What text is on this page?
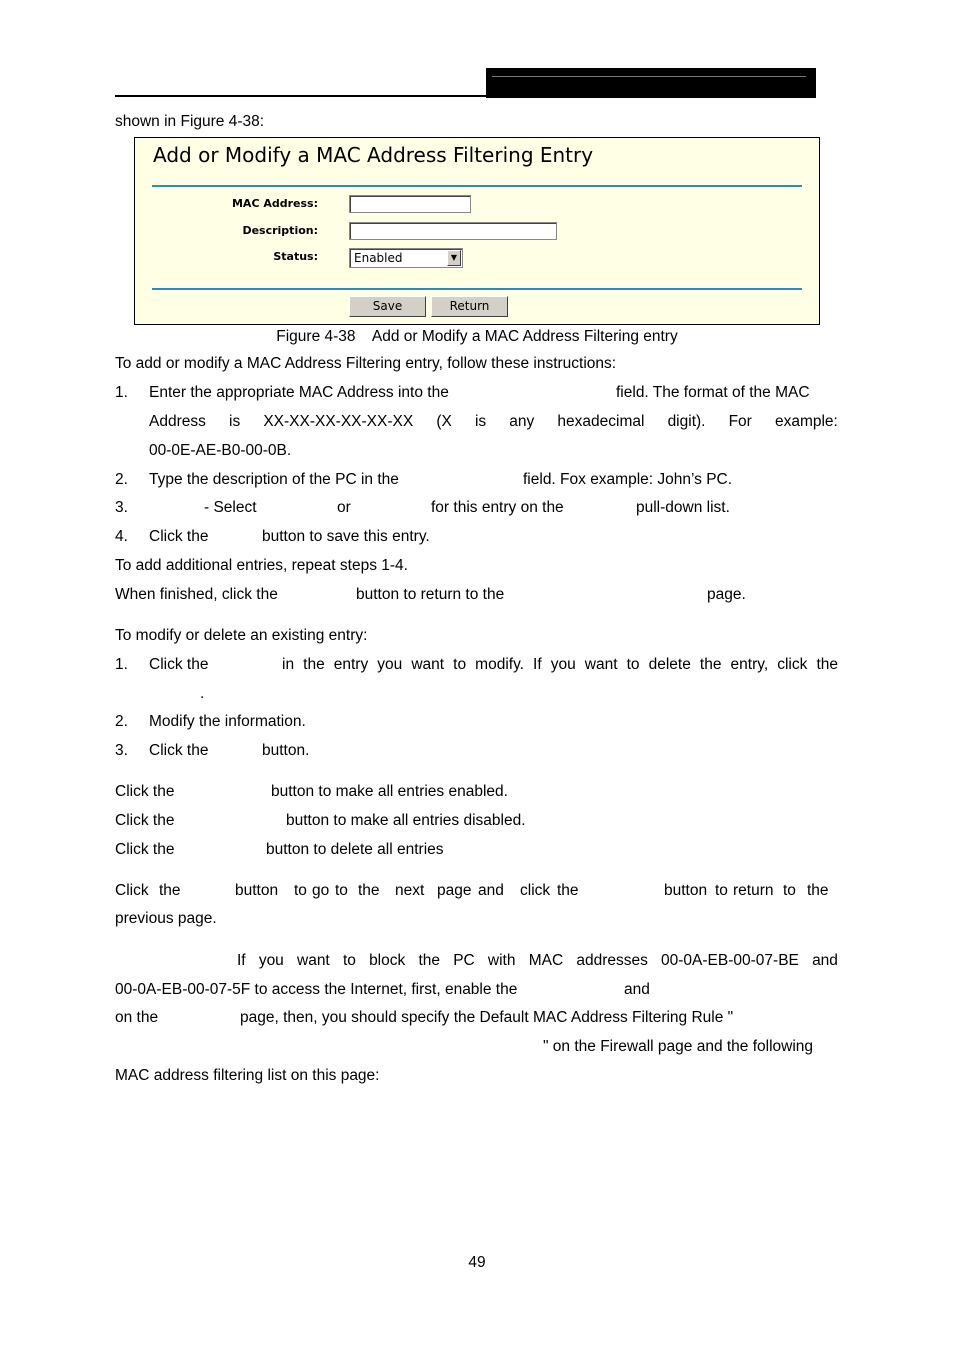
shown in Figure 4-38:
Add or Modify a MAC Address Filtering Entry
MAC Address:
Description:
Status:	Enabled	▼
Save	Return
Figure 4-38    Add or Modify a MAC Address Filtering entry
To add or modify a MAC Address Filtering entry, follow these instructions:
1. Enter the appropriate MAC Address into the	field. The format of the MAC
Address is XX-XX-XX-XX-XX-XX (X is any hexadecimal digit). For example:
00-0E-AE-B0-00-0B.
2. Type the description of the PC in the	field. Fox example: John’s PC.
3.	- Select	or	for this entry on the	pull-down list.
4. Click the	button to save this entry.
To add additional entries, repeat steps 1-4.
When finished, click the	button to return to the	page.
To modify or delete an existing entry:
1. Click the	in the entry you want to modify. If you want to delete the entry, click the
.
2. Modify the information.
3. Click the	button.
Click the	button to make all entries enabled.
Click the	button to make all entries disabled.
Click the	button to delete all entries
Click the	button to go to the next page and click the	button to return to the
previous page.
If you want to block the PC with MAC addresses 00-0A-EB-00-07-BE and
00-0A-EB-00-07-5F to access the Internet, first, enable the	and
on the	page, then, you should specify the Default MAC Address Filtering Rule "
" on the Firewall page and the following
MAC address filtering list on this page:
49
